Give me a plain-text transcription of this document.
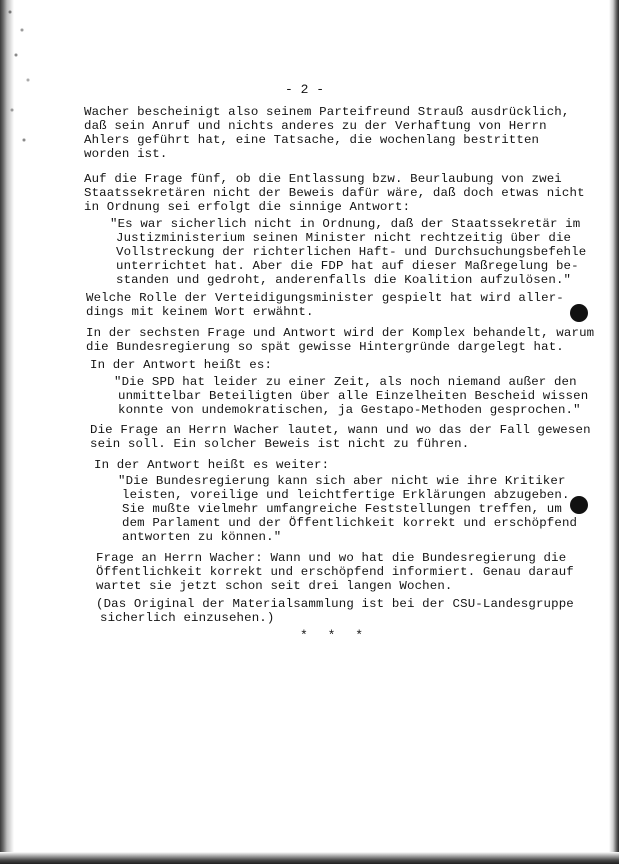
- 2 -
Wacher bescheinigt also seinem Parteifreund Strauß ausdrücklich,
daß sein Anruf und nichts anderes zu der Verhaftung von Herrn
Ahlers geführt hat, eine Tatsache, die wochenlang bestritten
worden ist.
Auf die Frage fünf, ob die Entlassung bzw. Beurlaubung von zwei
Staatssekretären nicht der Beweis dafür wäre, daß doch etwas nicht
in Ordnung sei erfolgt die sinnige Antwort:
"Es war sicherlich nicht in Ordnung, daß der Staatssekretär im
Justizministerium seinen Minister nicht rechtzeitig über die
Vollstreckung der richterlichen Haft- und Durchsuchungsbefehle
unterrichtet hat. Aber die FDP hat auf dieser Maßregelung be-
standen und gedroht, anderenfalls die Koalition aufzulösen."
Welche Rolle der Verteidigungsminister gespielt hat wird aller-
dings mit keinem Wort erwähnt.
In der sechsten Frage und Antwort wird der Komplex behandelt, warum
die Bundesregierung so spät gewisse Hintergründe dargelegt hat.
In der Antwort heißt es:
"Die SPD hat leider zu einer Zeit, als noch niemand außer den
unmittelbar Beteiligten über alle Einzelheiten Bescheid wissen
konnte von undemokratischen, ja Gestapo-Methoden gesprochen."
Die Frage an Herrn Wacher lautet, wann und wo das der Fall gewesen
sein soll. Ein solcher Beweis ist nicht zu führen.
In der Antwort heißt es weiter:
"Die Bundesregierung kann sich aber nicht wie ihre Kritiker
leisten, voreilige und leichtfertige Erklärungen abzugeben.
Sie mußte vielmehr umfangreiche Feststellungen treffen, um
dem Parlament und der Öffentlichkeit korrekt und erschöpfend
antworten zu können."
Frage an Herrn Wacher: Wann und wo hat die Bundesregierung die
Öffentlichkeit korrekt und erschöpfend informiert. Genau darauf
wartet sie jetzt schon seit drei langen Wochen.
(Das Original der Materialsammlung ist bei der CSU-Landesgruppe
sicherlich einzusehen.)
* * *
